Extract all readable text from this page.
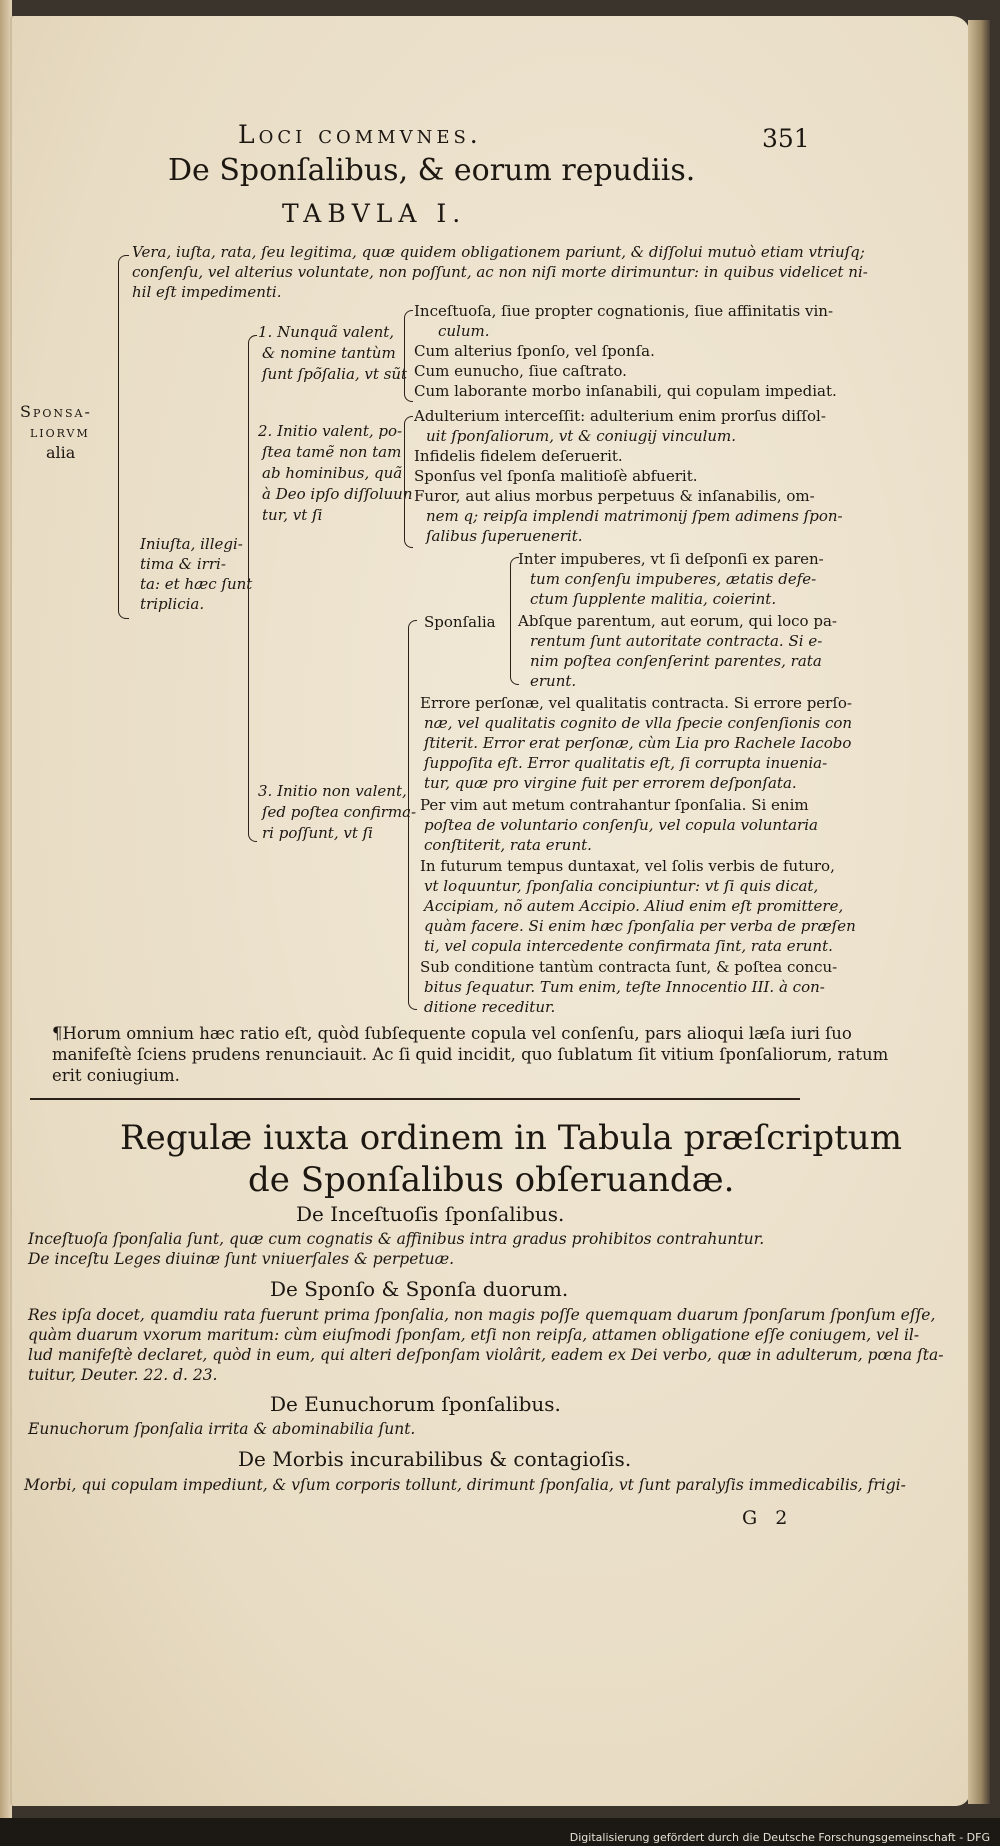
Loci commvnes.	351
De Sponſalibus, & eorum repudiis.
TABVLA I.
Sponsa-
liorvm
alia
Vera, iuſta, rata, ſeu legitima, quæ quidem obligationem pariunt, & diſſolui mutuò etiam vtriuſq;
conſenſu, vel alterius voluntate, non poſſunt, ac non niſi morte dirimuntur: in quibus videlicet ni-
hil eſt impedimenti.
Iniuſta, illegi-
tima & irri-
ta: et hæc ſunt
triplicia.
1. Nunquã valent,
& nomine tantùm
ſunt ſpõſalia, vt sũt
Inceſtuoſa, ſiue propter cognationis, ſiue affinitatis vin-
culum.
Cum alterius ſponſo, vel ſponſa.
Cum eunucho, ſiue caſtrato.
Cum laborante morbo inſanabili, qui copulam impediat.
2. Initio valent, po-
ſtea tamẽ non tam
ab hominibus, quã
à Deo ipſo diſſoluun
tur, vt ſi
Adulterium interceſſit: adulterium enim prorſus diſſol-
uit ſponſaliorum, vt & coniugij vinculum.
Infidelis fidelem deſeruerit.
Sponſus vel ſponſa malitioſè abfuerit.
Furor, aut alius morbus perpetuus & inſanabilis, om-
nem q; reipſa implendi matrimonij ſpem adimens ſpon-
ſalibus ſuperuenerit.
3. Initio non valent,
ſed poſtea confirma-
ri poſſunt, vt ſi
Sponſalia
Inter impuberes, vt ſi deſponſi ex paren-
tum conſenſu impuberes, ætatis defe-
ctum ſupplente malitia, coierint.
Abſque parentum, aut eorum, qui loco pa-
rentum ſunt autoritate contracta. Si e-
nim poſtea conſenſerint parentes, rata
erunt.
Errore perſonæ, vel qualitatis contracta. Si errore perſo-
næ, vel qualitatis cognito de vlla ſpecie conſenſionis con
ſtiterit. Error erat perſonæ, cùm Lia pro Rachele Iacobo
ſuppoſita eſt. Error qualitatis eſt, ſi corrupta inuenia-
tur, quæ pro virgine fuit per errorem deſponſata.
Per vim aut metum contrahantur ſponſalia. Si enim
poſtea de voluntario conſenſu, vel copula voluntaria
conſtiterit, rata erunt.
In futurum tempus duntaxat, vel ſolis verbis de futuro,
vt loquuntur, ſponſalia concipiuntur: vt ſi quis dicat,
Accipiam, nõ autem Accipio. Aliud enim eſt promittere,
quàm facere. Si enim hæc ſponſalia per verba de præſen
ti, vel copula intercedente confirmata ſint, rata erunt.
Sub conditione tantùm contracta ſunt, & poſtea concu-
bitus ſequatur. Tum enim, teſte Innocentio III. à con-
ditione receditur.
¶Horum omnium hæc ratio eſt, quòd ſubſequente copula vel conſenſu, pars alioqui læſa iuri ſuo
manifeſtè ſciens prudens renunciauit. Ac ſi quid incidit, quo ſublatum ſit vitium ſponſaliorum, ratum
erit coniugium.
Regulæ iuxta ordinem in Tabula præſcriptum
de Sponſalibus obſeruandæ.
De Inceſtuoſis ſponſalibus.
Inceſtuoſa ſponſalia ſunt, quæ cum cognatis & affinibus intra gradus prohibitos contrahuntur.
De inceſtu Leges diuinæ ſunt vniuerſales & perpetuæ.
De Sponſo & Sponſa duorum.
Res ipſa docet, quamdiu rata fuerunt prima ſponſalia, non magis poſſe quemquam duarum ſponſarum ſponſum eſſe,
quàm duarum vxorum maritum: cùm eiuſmodi ſponſam, etſi non reipſa, attamen obligatione eſſe coniugem, vel il-
lud manifeſtè declaret, quòd in eum, qui alteri deſponſam violârit, eadem ex Dei verbo, quæ in adulterum, pœna ſta-
tuitur, Deuter. 22. d. 23.
De Eunuchorum ſponſalibus.
Eunuchorum ſponſalia irrita & abominabilia ſunt.
De Morbis incurabilibus & contagioſis.
Morbi, qui copulam impediunt, & vſum corporis tollunt, dirimunt ſponſalia, vt ſunt paralyſis immedicabilis, frigi-
G 2
Digitalisierung gefördert durch die Deutsche Forschungsgemeinschaft - DFG
